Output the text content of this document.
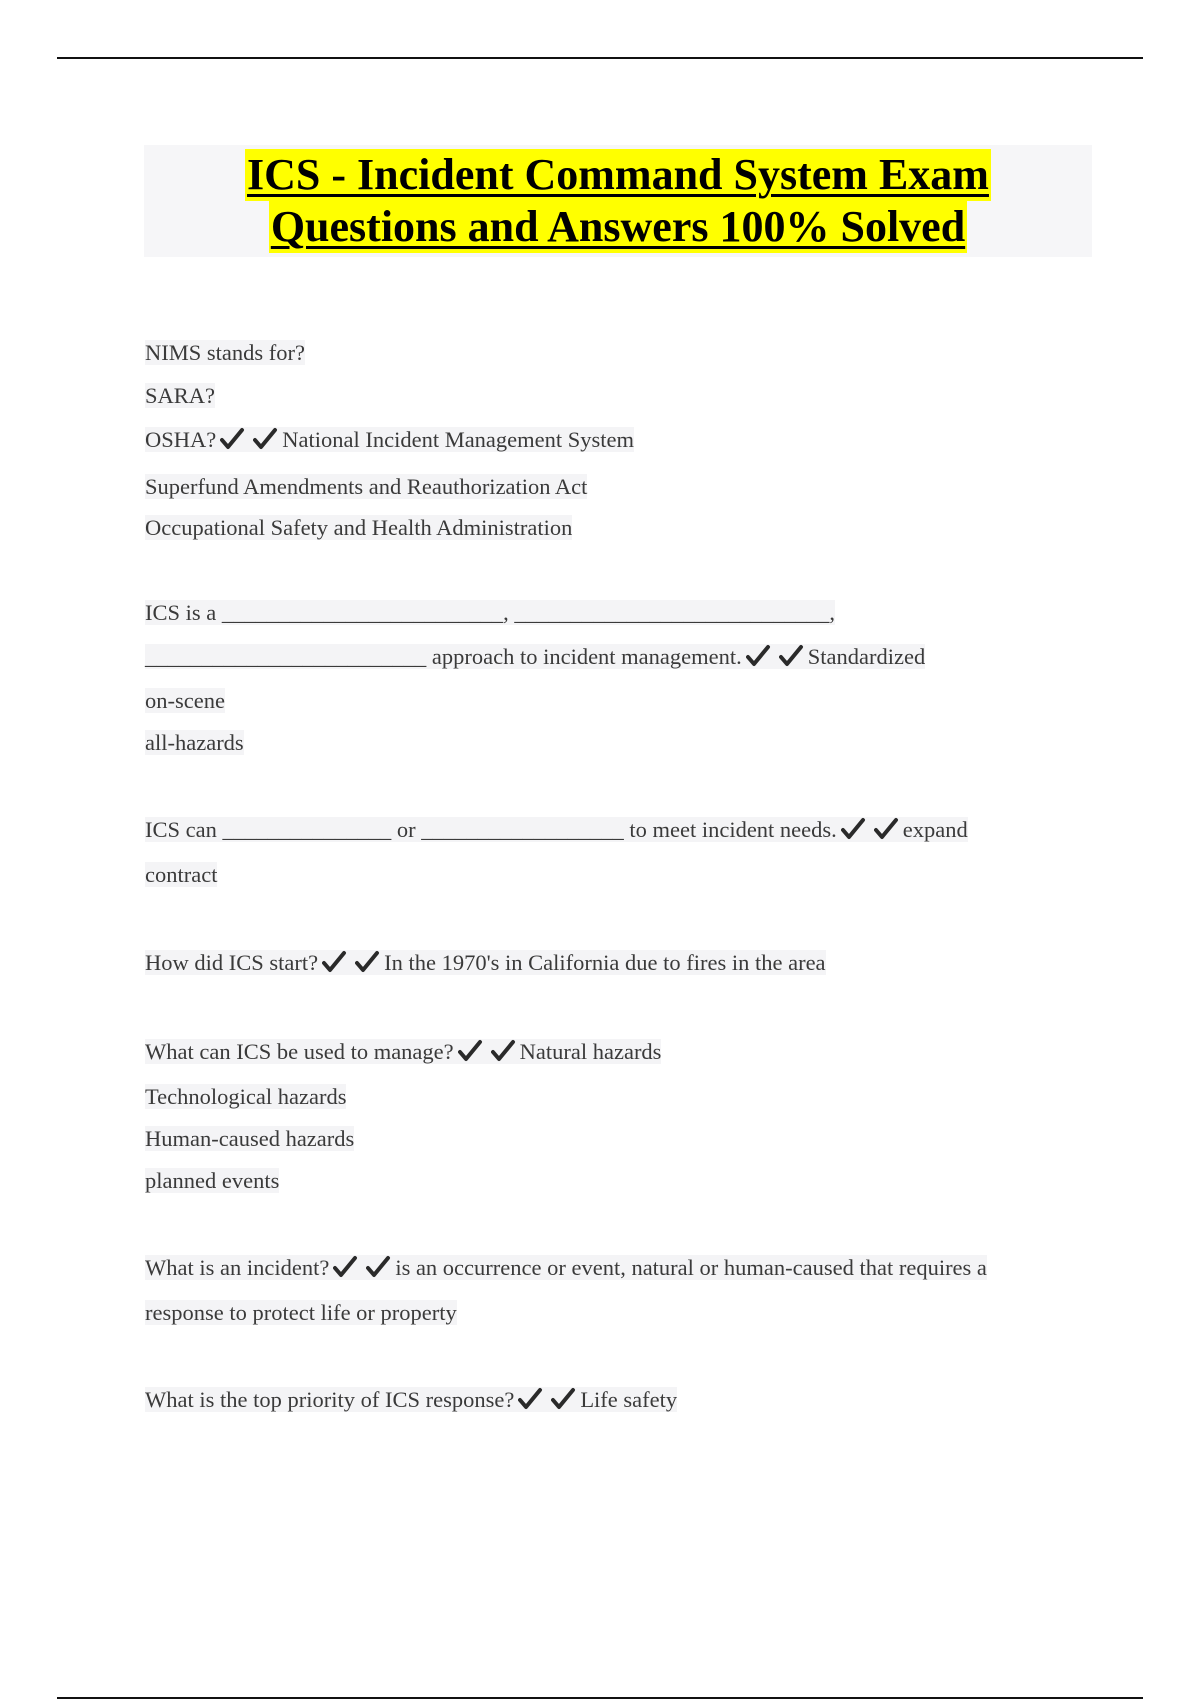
ICS - Incident Command System Exam
Questions and Answers 100% Solved
NIMS stands for?
SARA?
OSHA?	National Incident Management System
Superfund Amendments and Reauthorization Act
Occupational Safety and Health Administration
ICS is a _________________________, ____________________________,
_________________________ approach to incident management.	Standardized
on-scene
all-hazards
ICS can _______________ or __________________ to meet incident needs.	expand
contract
How did ICS start?	In the 1970's in California due to fires in the area
What can ICS be used to manage?	Natural hazards
Technological hazards
Human-caused hazards
planned events
What is an incident?	is an occurrence or event, natural or human-caused that requires a
response to protect life or property
What is the top priority of ICS response?	Life safety
